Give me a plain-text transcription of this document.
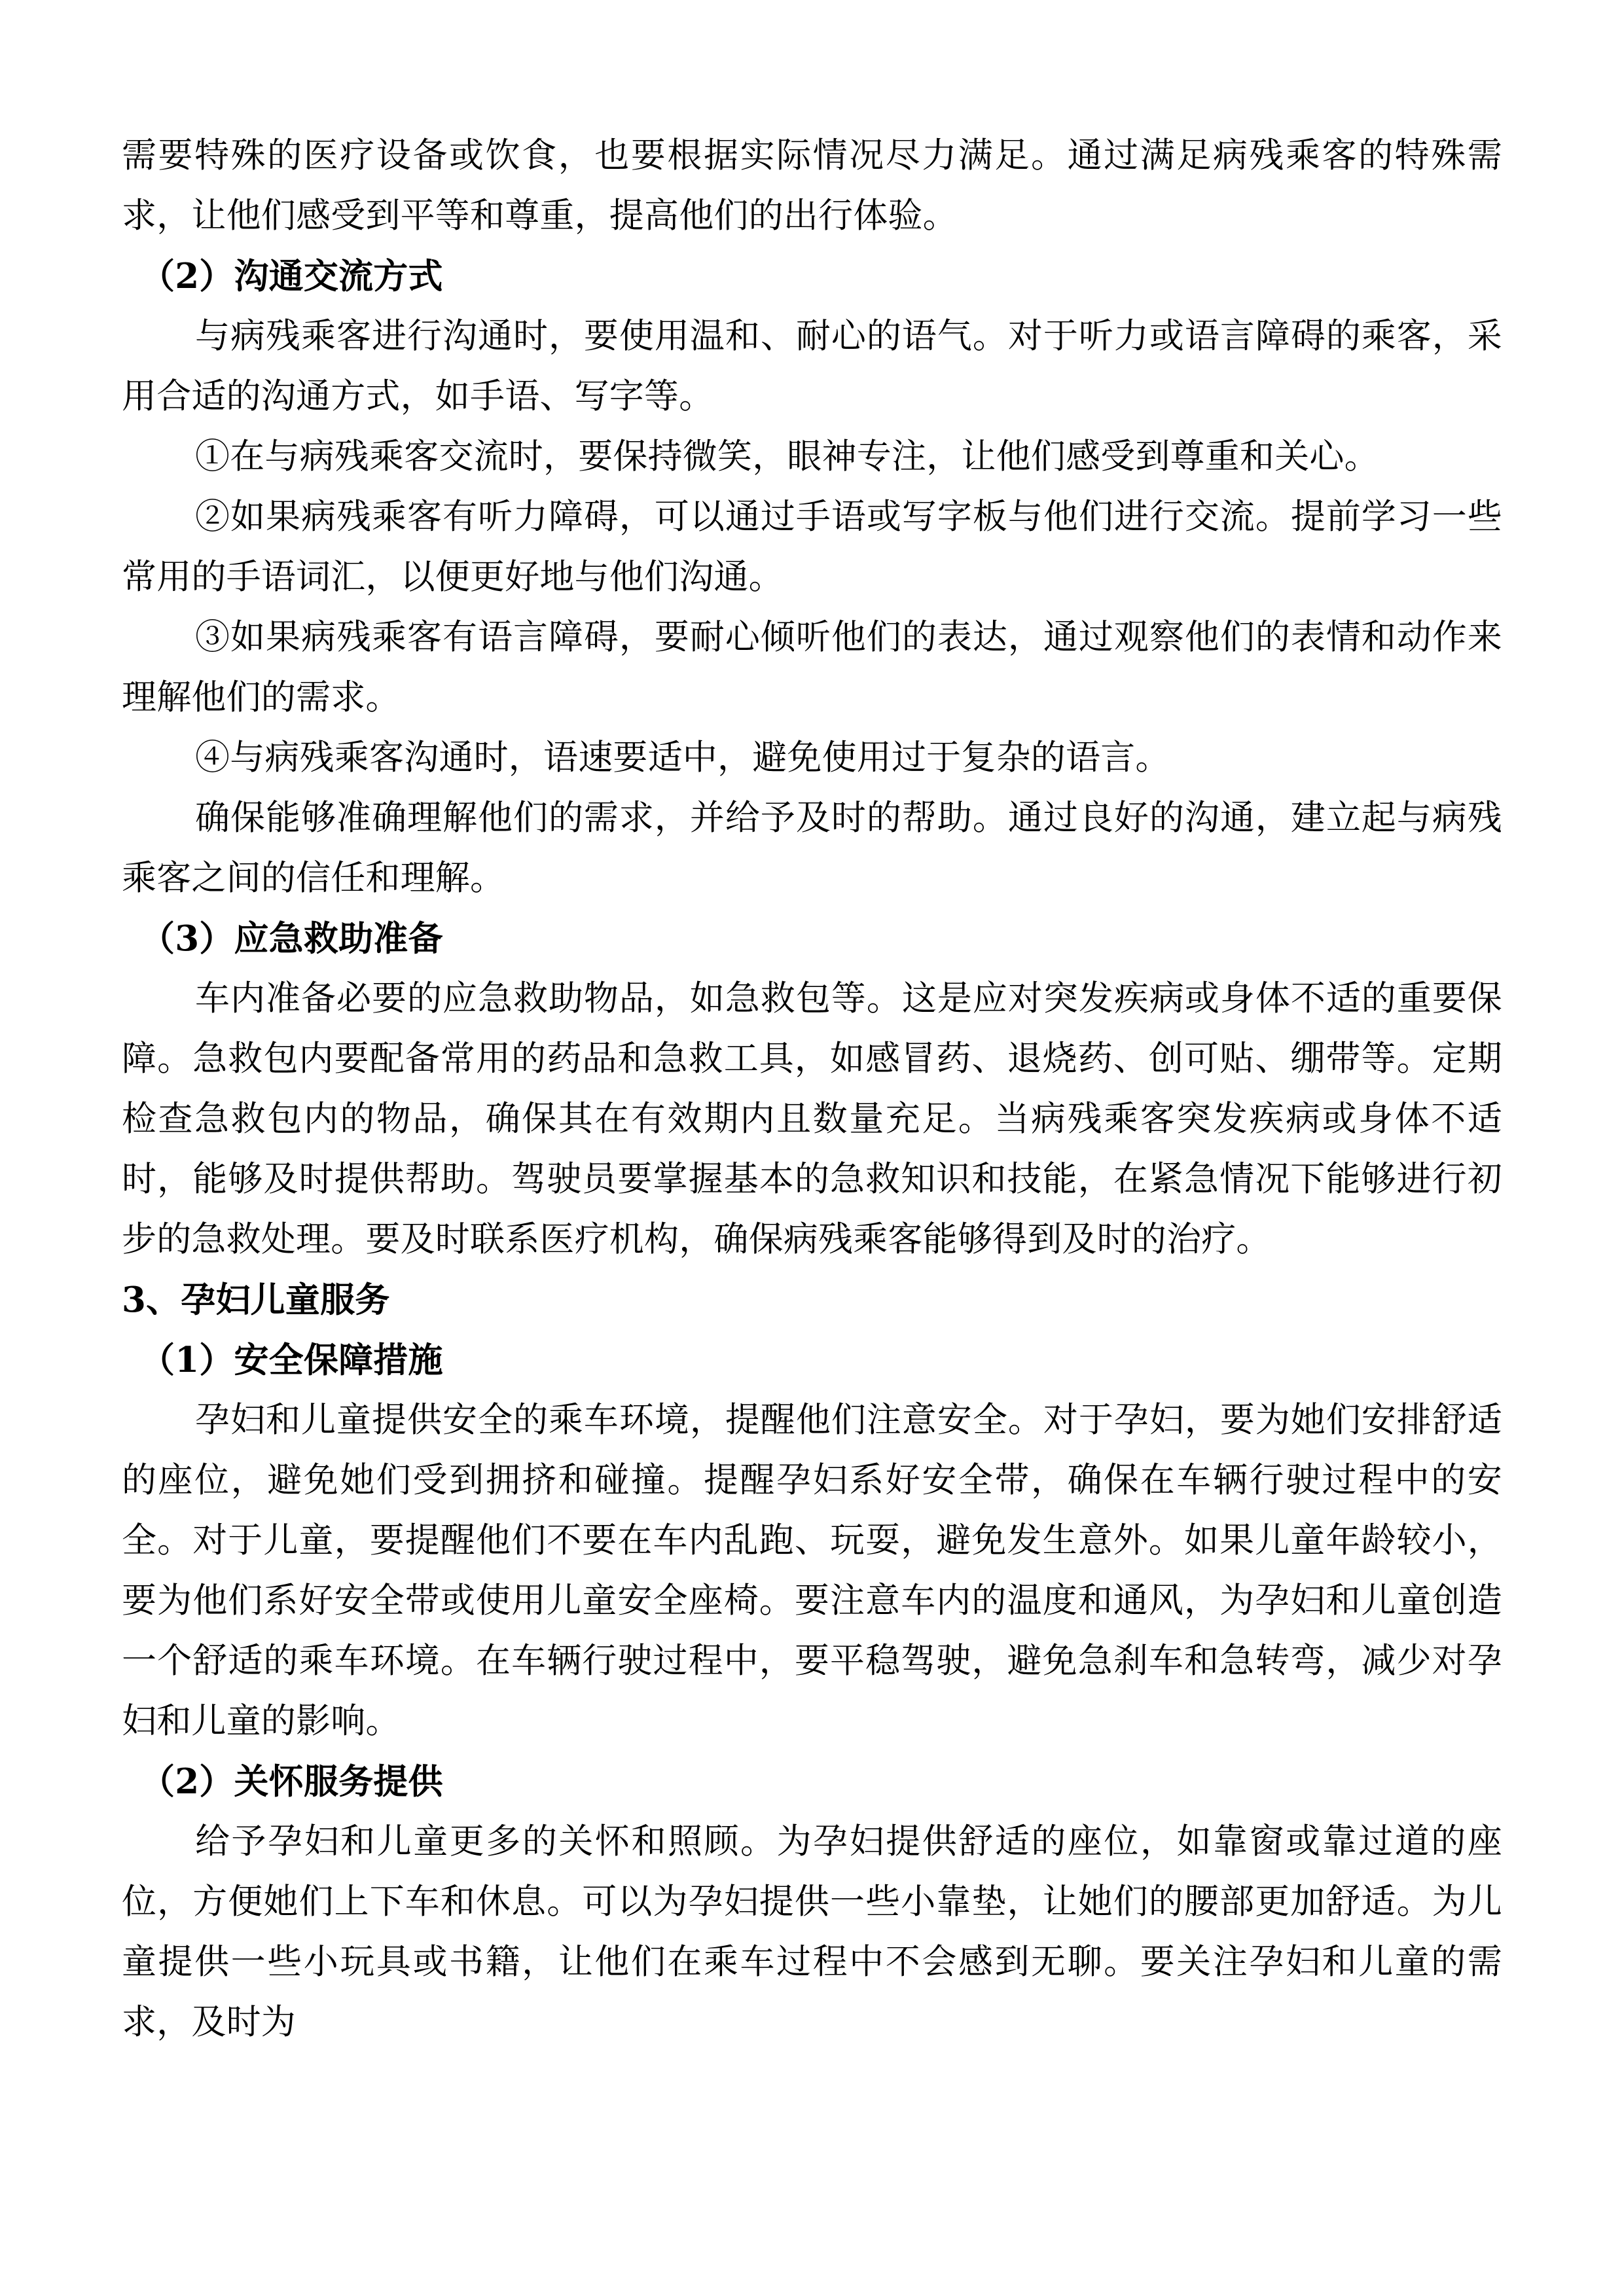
需要特殊的医疗设备或饮食，也要根据实际情况尽力满足。通过满足病残乘客的特殊需求，让他们感受到平等和尊重，提高他们的出行体验。

（2）沟通交流方式

与病残乘客进行沟通时，要使用温和、耐心的语气。对于听力或语言障碍的乘客，采用合适的沟通方式，如手语、写字等。

①在与病残乘客交流时，要保持微笑，眼神专注，让他们感受到尊重和关心。

②如果病残乘客有听力障碍，可以通过手语或写字板与他们进行交流。提前学习一些常用的手语词汇，以便更好地与他们沟通。

③如果病残乘客有语言障碍，要耐心倾听他们的表达，通过观察他们的表情和动作来理解他们的需求。

④与病残乘客沟通时，语速要适中，避免使用过于复杂的语言。

确保能够准确理解他们的需求，并给予及时的帮助。通过良好的沟通，建立起与病残乘客之间的信任和理解。

（3）应急救助准备

车内准备必要的应急救助物品，如急救包等。这是应对突发疾病或身体不适的重要保障。急救包内要配备常用的药品和急救工具，如感冒药、退烧药、创可贴、绷带等。定期检查急救包内的物品，确保其在有效期内且数量充足。当病残乘客突发疾病或身体不适时，能够及时提供帮助。驾驶员要掌握基本的急救知识和技能，在紧急情况下能够进行初步的急救处理。要及时联系医疗机构，确保病残乘客能够得到及时的治疗。

3、孕妇儿童服务
（1）安全保障措施

孕妇和儿童提供安全的乘车环境，提醒他们注意安全。对于孕妇，要为她们安排舒适的座位，避免她们受到拥挤和碰撞。提醒孕妇系好安全带，确保在车辆行驶过程中的安全。对于儿童，要提醒他们不要在车内乱跑、玩耍，避免发生意外。如果儿童年龄较小，要为他们系好安全带或使用儿童安全座椅。要注意车内的温度和通风，为孕妇和儿童创造一个舒适的乘车环境。在车辆行驶过程中，要平稳驾驶，避免急刹车和急转弯，减少对孕妇和儿童的影响。

（2）关怀服务提供

给予孕妇和儿童更多的关怀和照顾。为孕妇提供舒适的座位，如靠窗或靠过道的座位，方便她们上下车和休息。可以为孕妇提供一些小靠垫，让她们的腰部更加舒适。为儿童提供一些小玩具或书籍，让他们在乘车过程中不会感到无聊。要关注孕妇和儿童的需求，及时为
